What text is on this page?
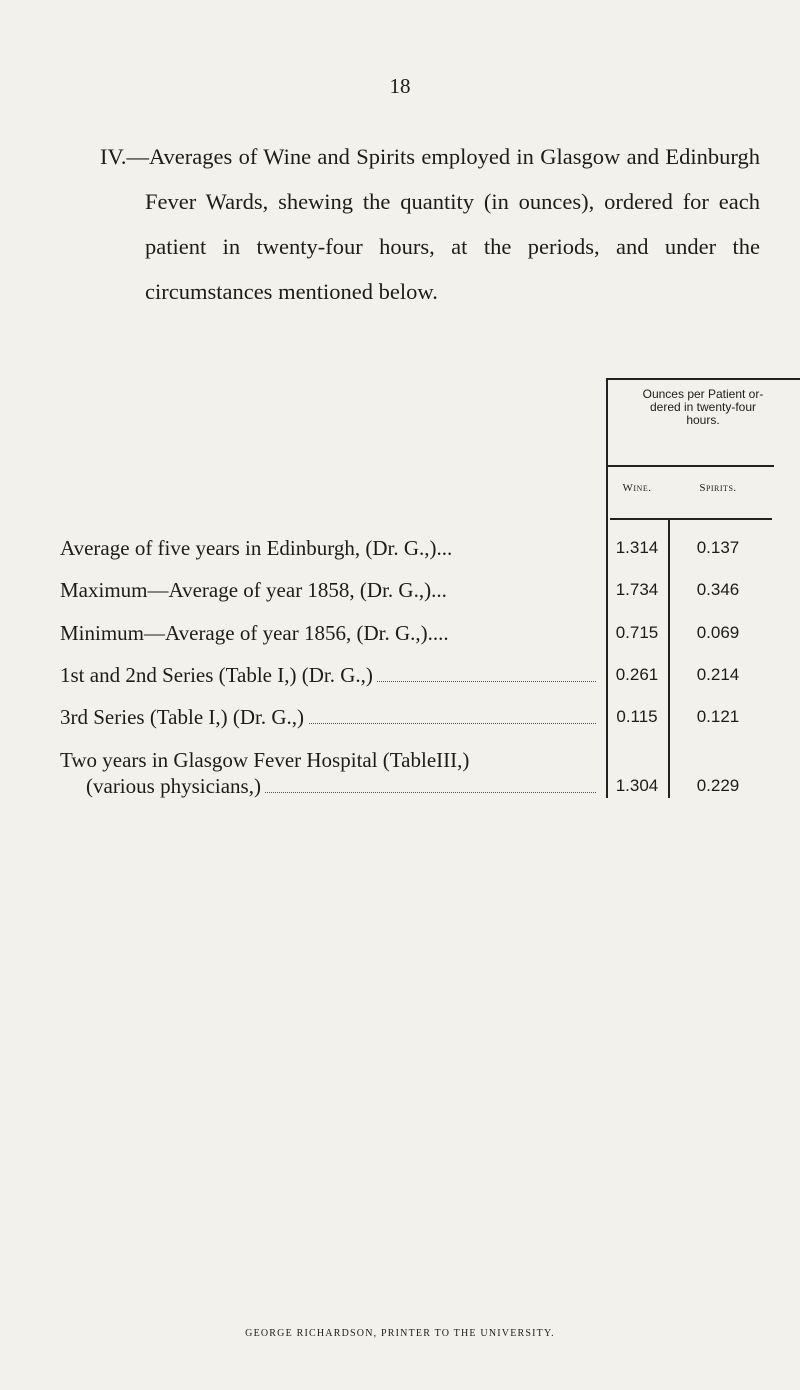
18

IV.—Averages of Wine and Spirits employed in Glasgow and Edinburgh Fever Wards, shewing the quantity (in ounces), ordered for each patient in twenty-four hours, at the periods, and under the circumstances mentioned below.

Ounces per Patient or-
dered in twenty-four
hours.
Wine.	Spirits.
Average of five years in Edinburgh, (Dr. G.,)...	1.314	0.137
Maximum—Average of year 1858, (Dr. G.,)...	1.734	0.346
Minimum—Average of year 1856, (Dr. G.,)....	0.715	0.069
1st and 2nd Series (Table I,) (Dr. G.,)	0.261	0.214
3rd Series (Table I,) (Dr. G.,)	0.115	0.121
Two years in Glasgow Fever Hospital (TableIII,)
(various physicians,)	1.304	0.229
GEORGE RICHARDSON, PRINTER TO THE UNIVERSITY.
